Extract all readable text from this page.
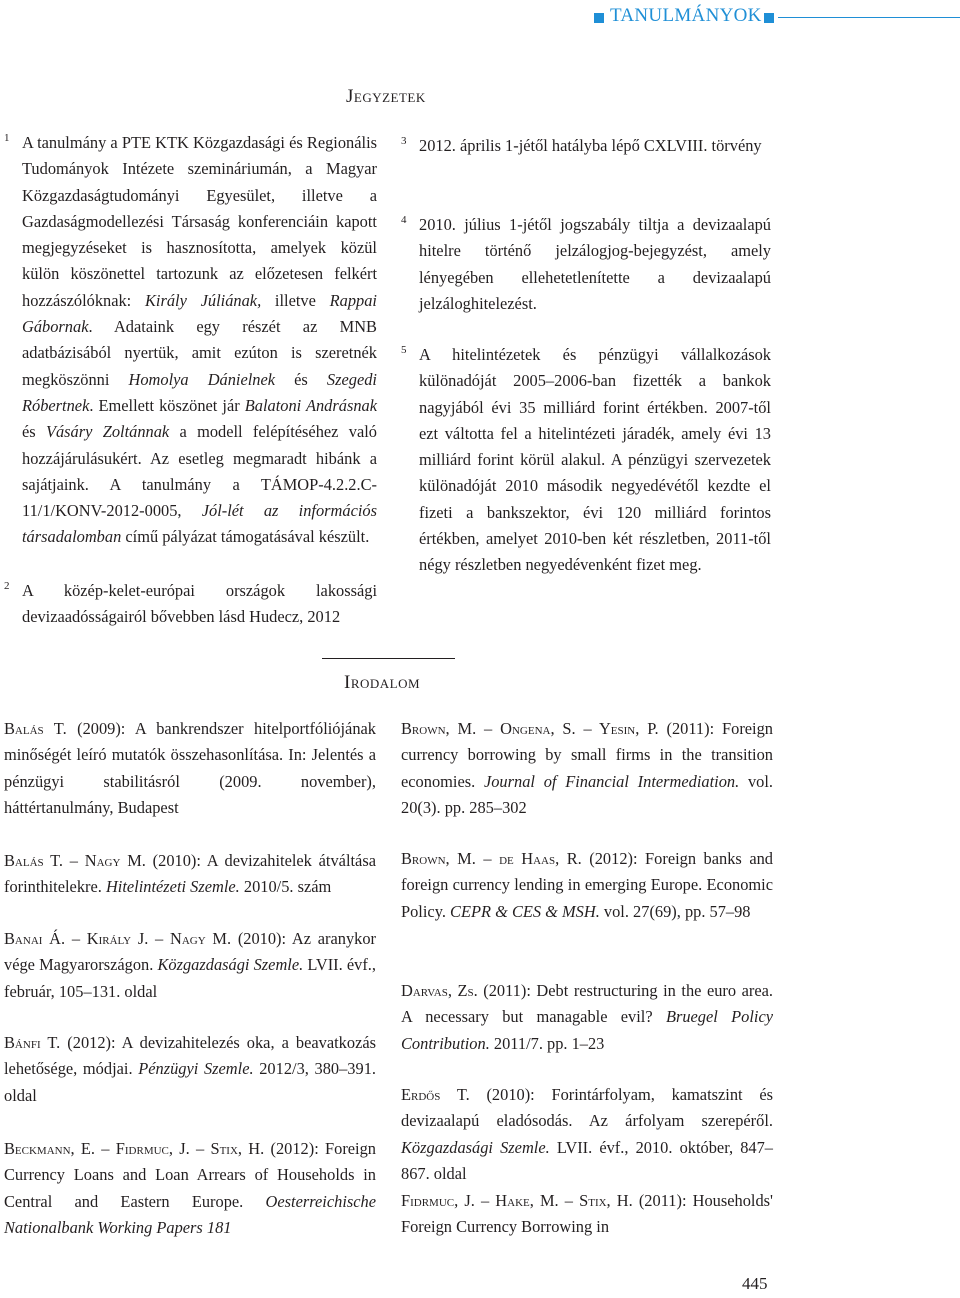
TANULMÁNYOK
Jegyzetek
1 A tanulmány a PTE KTK Közgazdasági és Regionális Tudományok Intézete szemináriumán, a Magyar Közgazdaságtudományi Egyesület, illetve a Gazdaságmodellezési Társaság konferenciáin kapott megjegyzéseket is hasznosította, amelyek közül külön köszönettel tartozunk az előzetesen felkért hozzászólóknak: Király Júliának, illetve Rappai Gábornak. Adataink egy részét az MNB adatbázisából nyertük, amit ezúton is szeretnék megköszönni Homolya Dánielnek és Szegedi Róbertnek. Emellett köszönet jár Balatoni Andrásnak és Vásáry Zoltánnak a modell felépítéséhez való hozzájárulásukért. Az esetleg megmaradt hibánk a sajátjaink. A tanulmány a TÁMOP-4.2.2.C-11/1/KONV-2012-0005, Jól-lét az információs társadalomban című pályázat támogatásával készült.
2 A közép-kelet-európai országok lakossági devizaadósságairól bővebben lásd Hudecz, 2012
3 2012. április 1-jétől hatályba lépő CXLVIII. törvény
4 2010. július 1-jétől jogszabály tiltja a devizaalapú hitelre történő jelzálogjog-bejegyzést, amely lényegében ellehetetlenítette a devizaalapú jelzáloghitelezést.
5 A hitelintézetek és pénzügyi vállalkozások különadóját 2005–2006-ban fizették a bankok nagyjából évi 35 milliárd forint értékben. 2007-től ezt váltotta fel a hitelintézeti járadék, amely évi 13 milliárd forint körül alakul. A pénzügyi szervezetek különadóját 2010 második negyedévétől kezdte el fizeti a bankszektor, évi 120 milliárd forintos értékben, amelyet 2010-ben két részletben, 2011-től négy részletben negyedévenként fizet meg.
Irodalom
Balás T. (2009): A bankrendszer hitelportfóliójának minőségét leíró mutatók összehasonlítása. In: Jelentés a pénzügyi stabilitásról (2009. november), háttértanulmány, Budapest
Balás T. – Nagy M. (2010): A devizahitelek átváltása forinthitelekre. Hitelintézeti Szemle. 2010/5. szám
Banai Á. – Király J. – Nagy M. (2010): Az aranykor vége Magyarországon. Közgazdasági Szemle. LVII. évf., február, 105–131. oldal
Bánfi T. (2012): A devizahitelezés oka, a beavatkozás lehetősége, módjai. Pénzügyi Szemle. 2012/3, 380–391. oldal
Beckmann, E. – Fidrmuc, J. – Stix, H. (2012): Foreign Currency Loans and Loan Arrears of Households in Central and Eastern Europe. Oesterreichische Nationalbank Working Papers 181
Brown, M. – Ongena, S. – Yesin, P. (2011): Foreign currency borrowing by small firms in the transition economies. Journal of Financial Intermediation. vol. 20(3). pp. 285–302
Brown, M. – de Haas, R. (2012): Foreign banks and foreign currency lending in emerging Europe. Economic Policy. CEPR & CES & MSH. vol. 27(69), pp. 57–98
Darvas, Zs. (2011): Debt restructuring in the euro area. A necessary but managable evil? Bruegel Policy Contribution. 2011/7. pp. 1–23
Erdős T. (2010): Forintárfolyam, kamatszint és devizaalapú eladósodás. Az árfolyam szerepéről. Közgazdasági Szemle. LVII. évf., 2010. október, 847–867. oldal
Fidrmuc, J. – Hake, M. – Stix, H. (2011): Households' Foreign Currency Borrowing in
445
